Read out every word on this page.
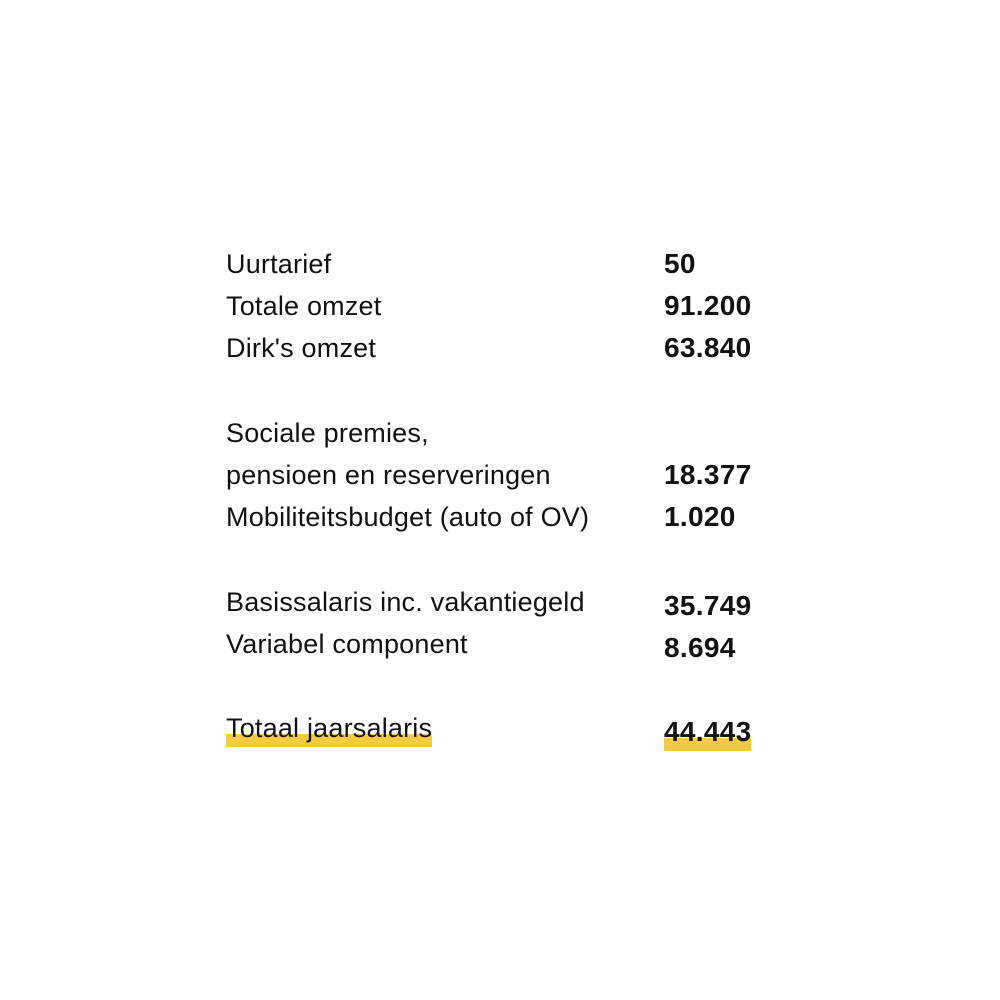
Uurtarief	50
Totale omzet	91.200
Dirk's omzet	63.840
Sociale premies,
pensioen en reserveringen	18.377
Mobiliteitsbudget (auto of OV)	1.020
Basissalaris inc. vakantiegeld	35.749
Variabel component	8.694
Totaal jaarsalaris	44.443
